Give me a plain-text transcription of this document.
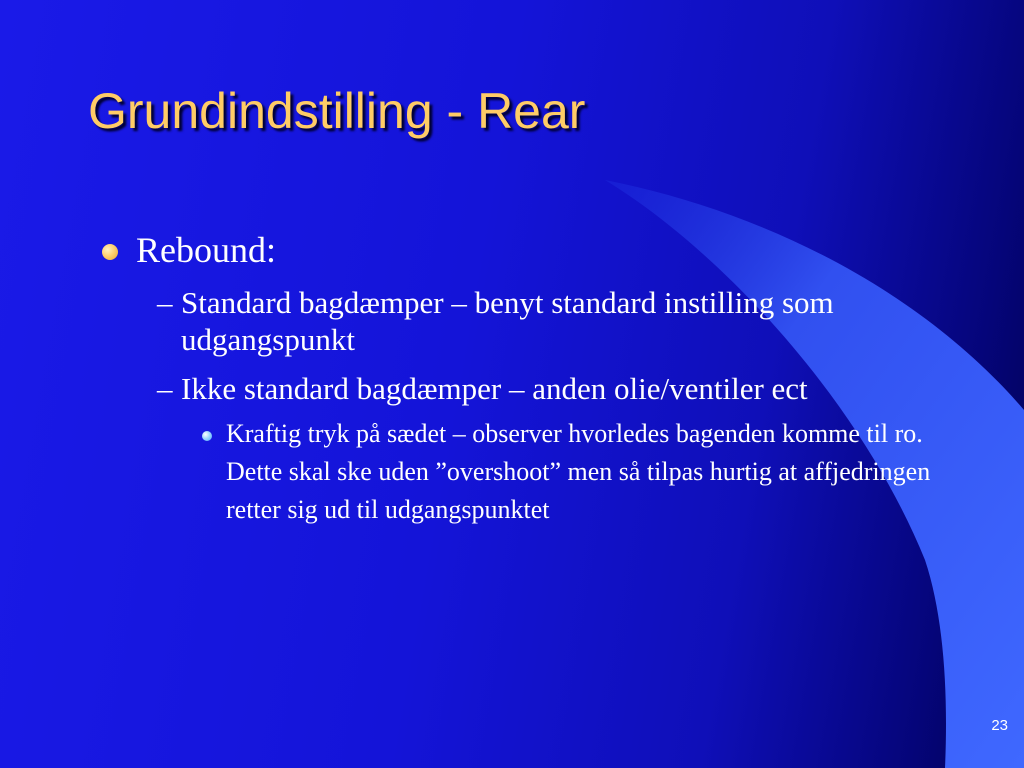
Grundindstilling - Rear
Rebound:
– Standard bagdæmper – benyt standard instilling som udgangspunkt
– Ikke standard bagdæmper – anden olie/ventiler ect
Kraftig tryk på sædet – observer hvorledes bagenden komme til ro. Dette skal ske uden ”overshoot” men så tilpas hurtig at affjedringen retter sig ud til udgangspunktet
23
